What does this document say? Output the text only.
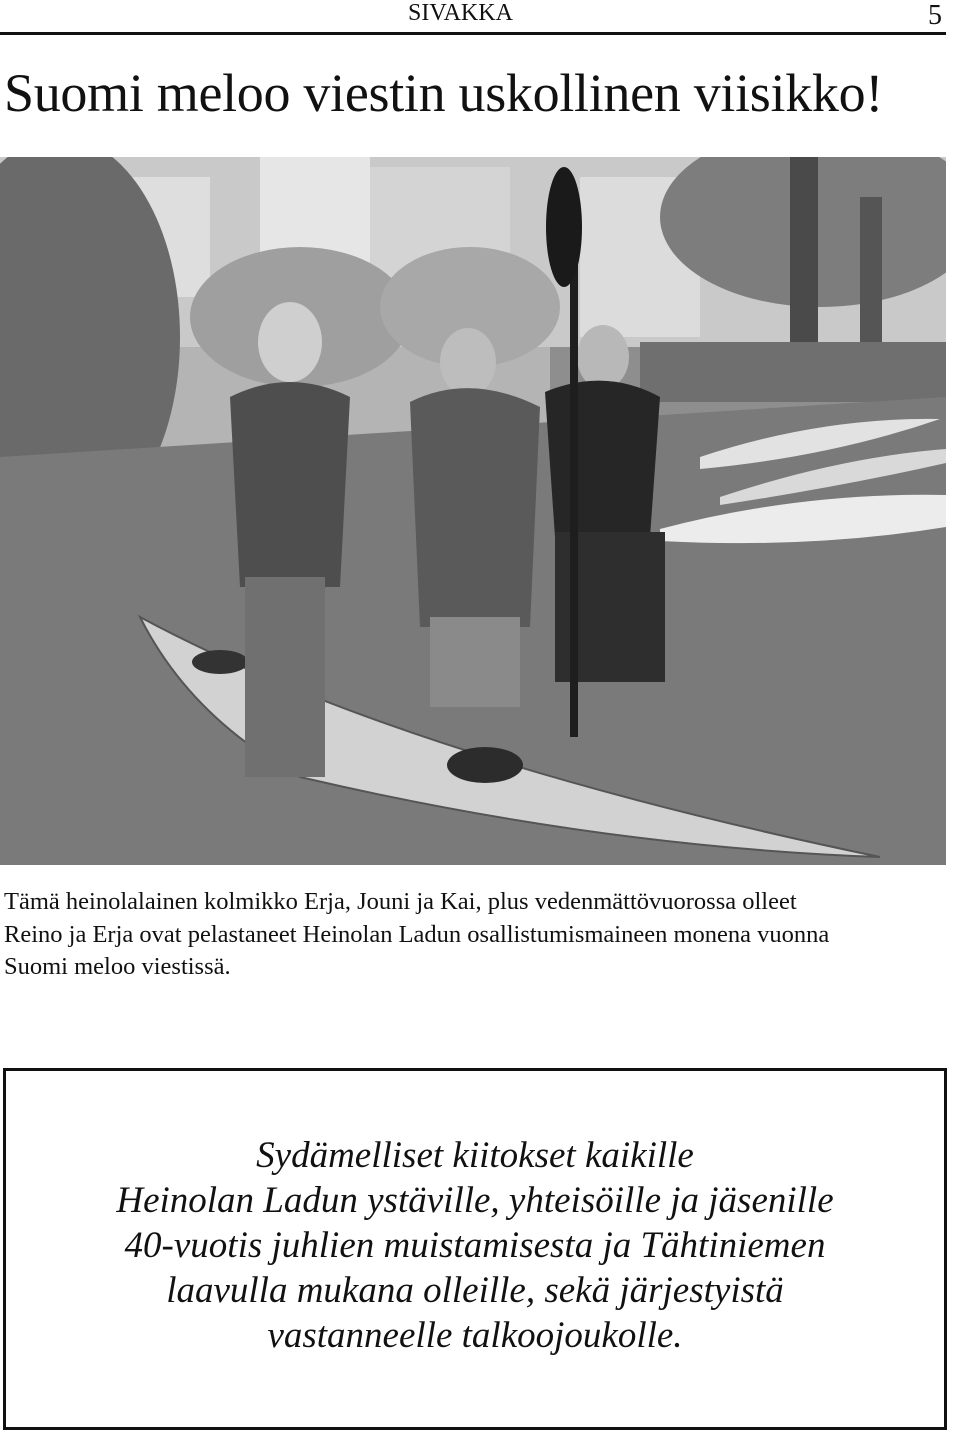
SIVAKKA	5
Suomi meloo viestin uskollinen viisikko!
Tämä heinolalainen kolmikko Erja, Jouni ja Kai, plus vedenmättövuorossa olleet
Reino ja Erja ovat pelastaneet Heinolan Ladun osallistumismaineen monena vuonna
Suomi meloo viestissä.
Sydämelliset kiitokset kaikille
Heinolan Ladun ystäville, yhteisöille ja jäsenille
40-vuotis juhlien muistamisesta ja Tähtiniemen
laavulla mukana olleille, sekä järjestyistä
vastanneelle talkoojoukolle.
